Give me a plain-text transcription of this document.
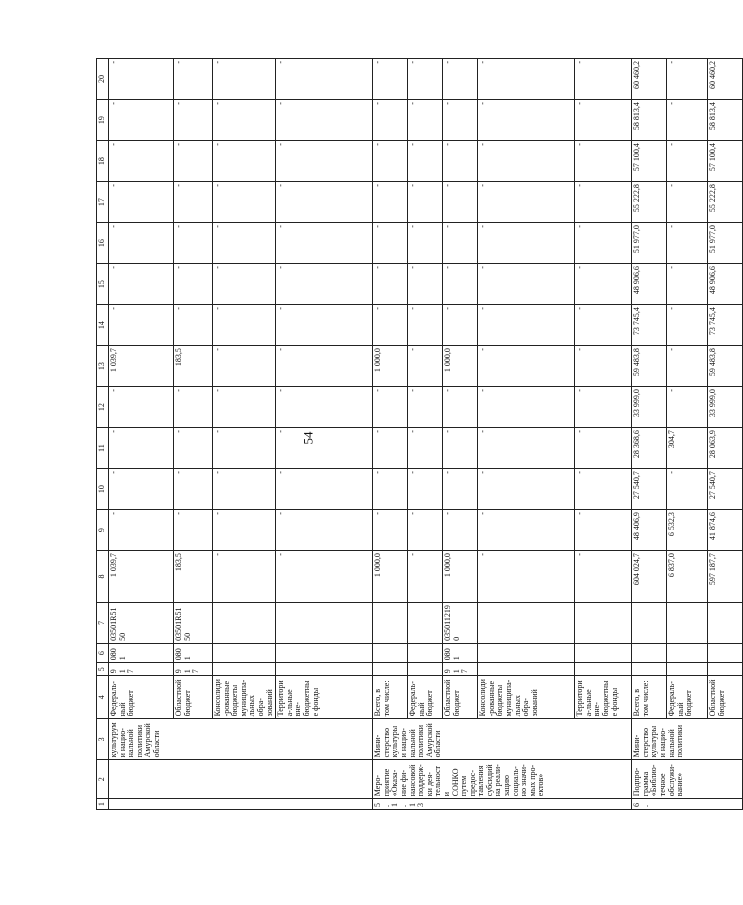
54
1	2	3	4	5	6	7	8	9	10	11	12	13	14	15	16	17	18	19	20
		культурум и нацио-нальной политики Амурской области	Федераль-ный бюджет	917	0801	03501R5150	1 039,7	-	-	-	-	1 039,7	-	-	-	-	-	-	-
			Областной бюджет	917	0801	03501R5150	183,5	-	-	-	-	183,5	-	-	-	-	-	-	-
			Консолиди-рованные бюджеты муниципа-льных обра-зований				-	-	-	-	-	-	-	-	-	-	-	-	-
			Территориа-льные вне-бюджетные фонды				-	-	-	-	-	-	-	-	-	-	-	-	-
5.1.13	Меро-приятие «Оказа-ние фи-нансовой поддерж-ки дея-тельности СОНКО путем предос-тавления субсидий на реали-зацию социаль-но значи-мых про-ектов»	Мини-стерство культуры и нацио-нальной политики Амурской области	Всего, в том числе:				1 000,0	-	-	-	-	1 000,0	-	-	-	-	-	-	-
			Федераль-ный бюджет				-	-	-	-	-	-	-	-	-	-	-	-	-
			Областной бюджет	917	0801	0350112190	1 000,0	-	-	-	-	1 000,0	-	-	-	-	-	-	-
			Консолиди-рованные бюджеты муниципа-льных обра-зований				-	-	-	-	-	-	-	-	-	-	-	-	-
			Территориа-льные вне-бюджетные фонды				-	-	-	-	-	-	-	-	-	-	-	-	-
6.	Подпро-грамма «Библио-течное обслужи-вание»	Мини-стерство культуры и нацио-нальной политики	Всего, в том числе:				604 024,7	48 406,9	27 540,7	28 368,6	33 999,0	59 483,8	73 745,4	48 906,6	51 977,0	55 222,8	57 100,4	58 813,4	60 460,2
			Федераль-ный бюджет				6 837,0	6 532,3	-	304,7	-	-	-	-	-	-	-	-	-
			Областной бюджет				597 187,7	41 874,6	27 540,7	28 063,9	33 999,0	59 483,8	73 745,4	48 906,6	51 977,0	55 222,8	57 100,4	58 813,4	60 460,2
